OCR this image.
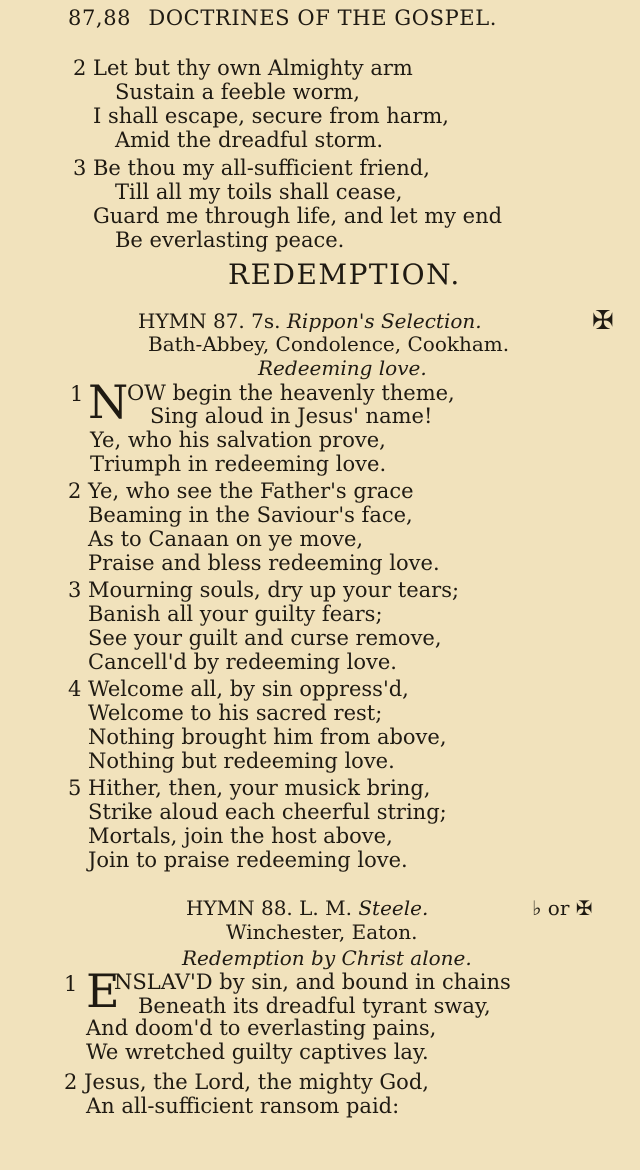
87,88 DOCTRINES OF THE GOSPEL.
2 Let but thy own Almighty arm
Sustain a feeble worm,
I shall escape, secure from harm,
Amid the dreadful storm.
3 Be thou my all-sufficient friend,
Till all my toils shall cease,
Guard me through life, and let my end
Be everlasting peace.
REDEMPTION.
HYMN 87. 7s. Rippon's Selection.	✠
Bath-Abbey, Condolence, Cookham.
Redeeming love.
1 N
OW begin the heavenly theme,
Sing aloud in Jesus' name!
Ye, who his salvation prove,
Triumph in redeeming love.
2 Ye, who see the Father's grace
Beaming in the Saviour's face,
As to Canaan on ye move,
Praise and bless redeeming love.
3 Mourning souls, dry up your tears;
Banish all your guilty fears;
See your guilt and curse remove,
Cancell'd by redeeming love.
4 Welcome all, by sin oppress'd,
Welcome to his sacred rest;
Nothing brought him from above,
Nothing but redeeming love.
5 Hither, then, your musick bring,
Strike aloud each cheerful string;
Mortals, join the host above,
Join to praise redeeming love.
HYMN 88. L. M. Steele.	♭ or ✠
Winchester, Eaton.
Redemption by Christ alone.
1 E
NSLAV'D by sin, and bound in chains
Beneath its dreadful tyrant sway,
And doom'd to everlasting pains,
We wretched guilty captives lay.
2 Jesus, the Lord, the mighty God,
An all-sufficient ransom paid:
